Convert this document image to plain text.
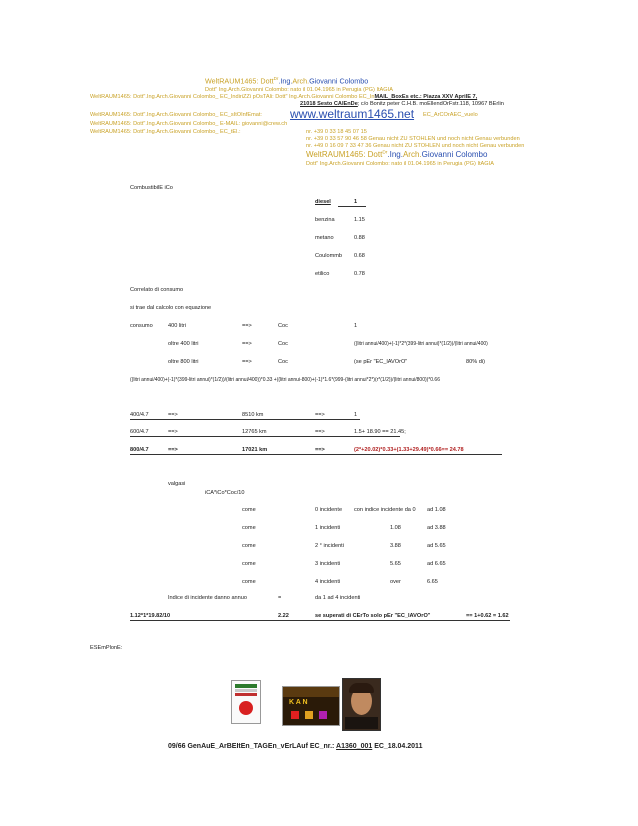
WeltRAUM1465: Dott$^{Dr}$.Ing.Arch.Giovanni Colombo
Dott" Ing.Arch.Giovanni Colombo: nato il 01.04.1965 in Perugia (PG) ItAGIA
WeltRAUM1465: Dott".Ing.Arch.Giovanni Colombo_ EC_IndiriZZi pOsTAli: Dott" Ing.Arch.Giovanni Colombo EC_InMAIL_BoxEs etc.: Piazza XXV AprilE 7,
21018 Sesto CAlEnDe; c/o Bonitz peter C.H.B. moEllendOrFstr.118, 10967 BErlin
WeltRAUM1465: Dott".Ing.Arch.Giovanni Colombo_ EC_sItOInfEmat: www.weltraum1465.net EC_ArCOrAEC_vuelo
WeltRAUM1465: Dott".Ing.Arch.Giovanni Colombo_ E-MAIL: giovanni@crew.ch
WeltRAUM1465: Dott".Ing.Arch.Giovanni Colombo_ EC_tEl.:	nr. +39 0 33 18 45 07 15
nr. +39 0 33 57 90 46 58 Genau nicht ZU STOHLEN und noch nicht Genau verbunden
nr. +49 0 16 09 7 33 47 36 Genau nicht ZU STOHLEN und noch nicht Genau verbunden
WeltRAUM1465: Dott$^{Dr}$.Ing.Arch.Giovanni Colombo
Dott" Ing.Arch.Giovanni Colombo: nato il 01.04.1965 in Perugia (PG) ItAGIA
CombustibilE iCo
diesel	1
benzina	1.15
metano	0.88
Coulommb 0.68
etilico	0.78
Correlato di consumo
si trae dal calcolo con equazione
consumo	400 litri	==>	Coc	1
oltre 400 litri	==>	Coc	((litri annui/400)+(-1)*2*(399-litri annui)*(1/2))/(litri annui/400)
oltre 800 litri	==>	Coc	(se pEr "EC_lAVOrO"	80% di)
((litri annui/400)+(-1)*(399-litri annui)*(1/2))/(litri annui/400))*0.33 +((litri annui-800)+(-1)*1.6*(999-(litri annui*2*)(r*(1/2))/(litri annui/800))*0.66
400/4.7	==>	8510 km	==>	1
600/4.7	==>	12765 km	==>	1.5+ 18.90 == 21.45;
800/4.7	==>	17021 km	==>	(2*+20.02)*0.33+(1.33+29.49)*0.66== 24.78
valgasi
iCA*iCo*Coc/10
come	0 incidente con indice incidente da 0 ad 1.08
come	1 incidenti	1.08	ad 3.88
come	2 ° incidenti	3.88	ad 5.65
come	3 incidenti	5.65	ad 6.65
come	4 incidenti	over	6.65
Indice di incidente danno annuo	=	da 1 ad 4 incidenti
1.12*1*19.82/10	2.22	se superati di CErTo solo pEr "EC_lAVOrO"	== 1+0.62 = 1.62
ESEmPlonE:
K A N
09/66 GenAuE_ArBEItEn_TAGEn_vErLAuf EC_nr.: A1360_001 EC_18.04.2011
